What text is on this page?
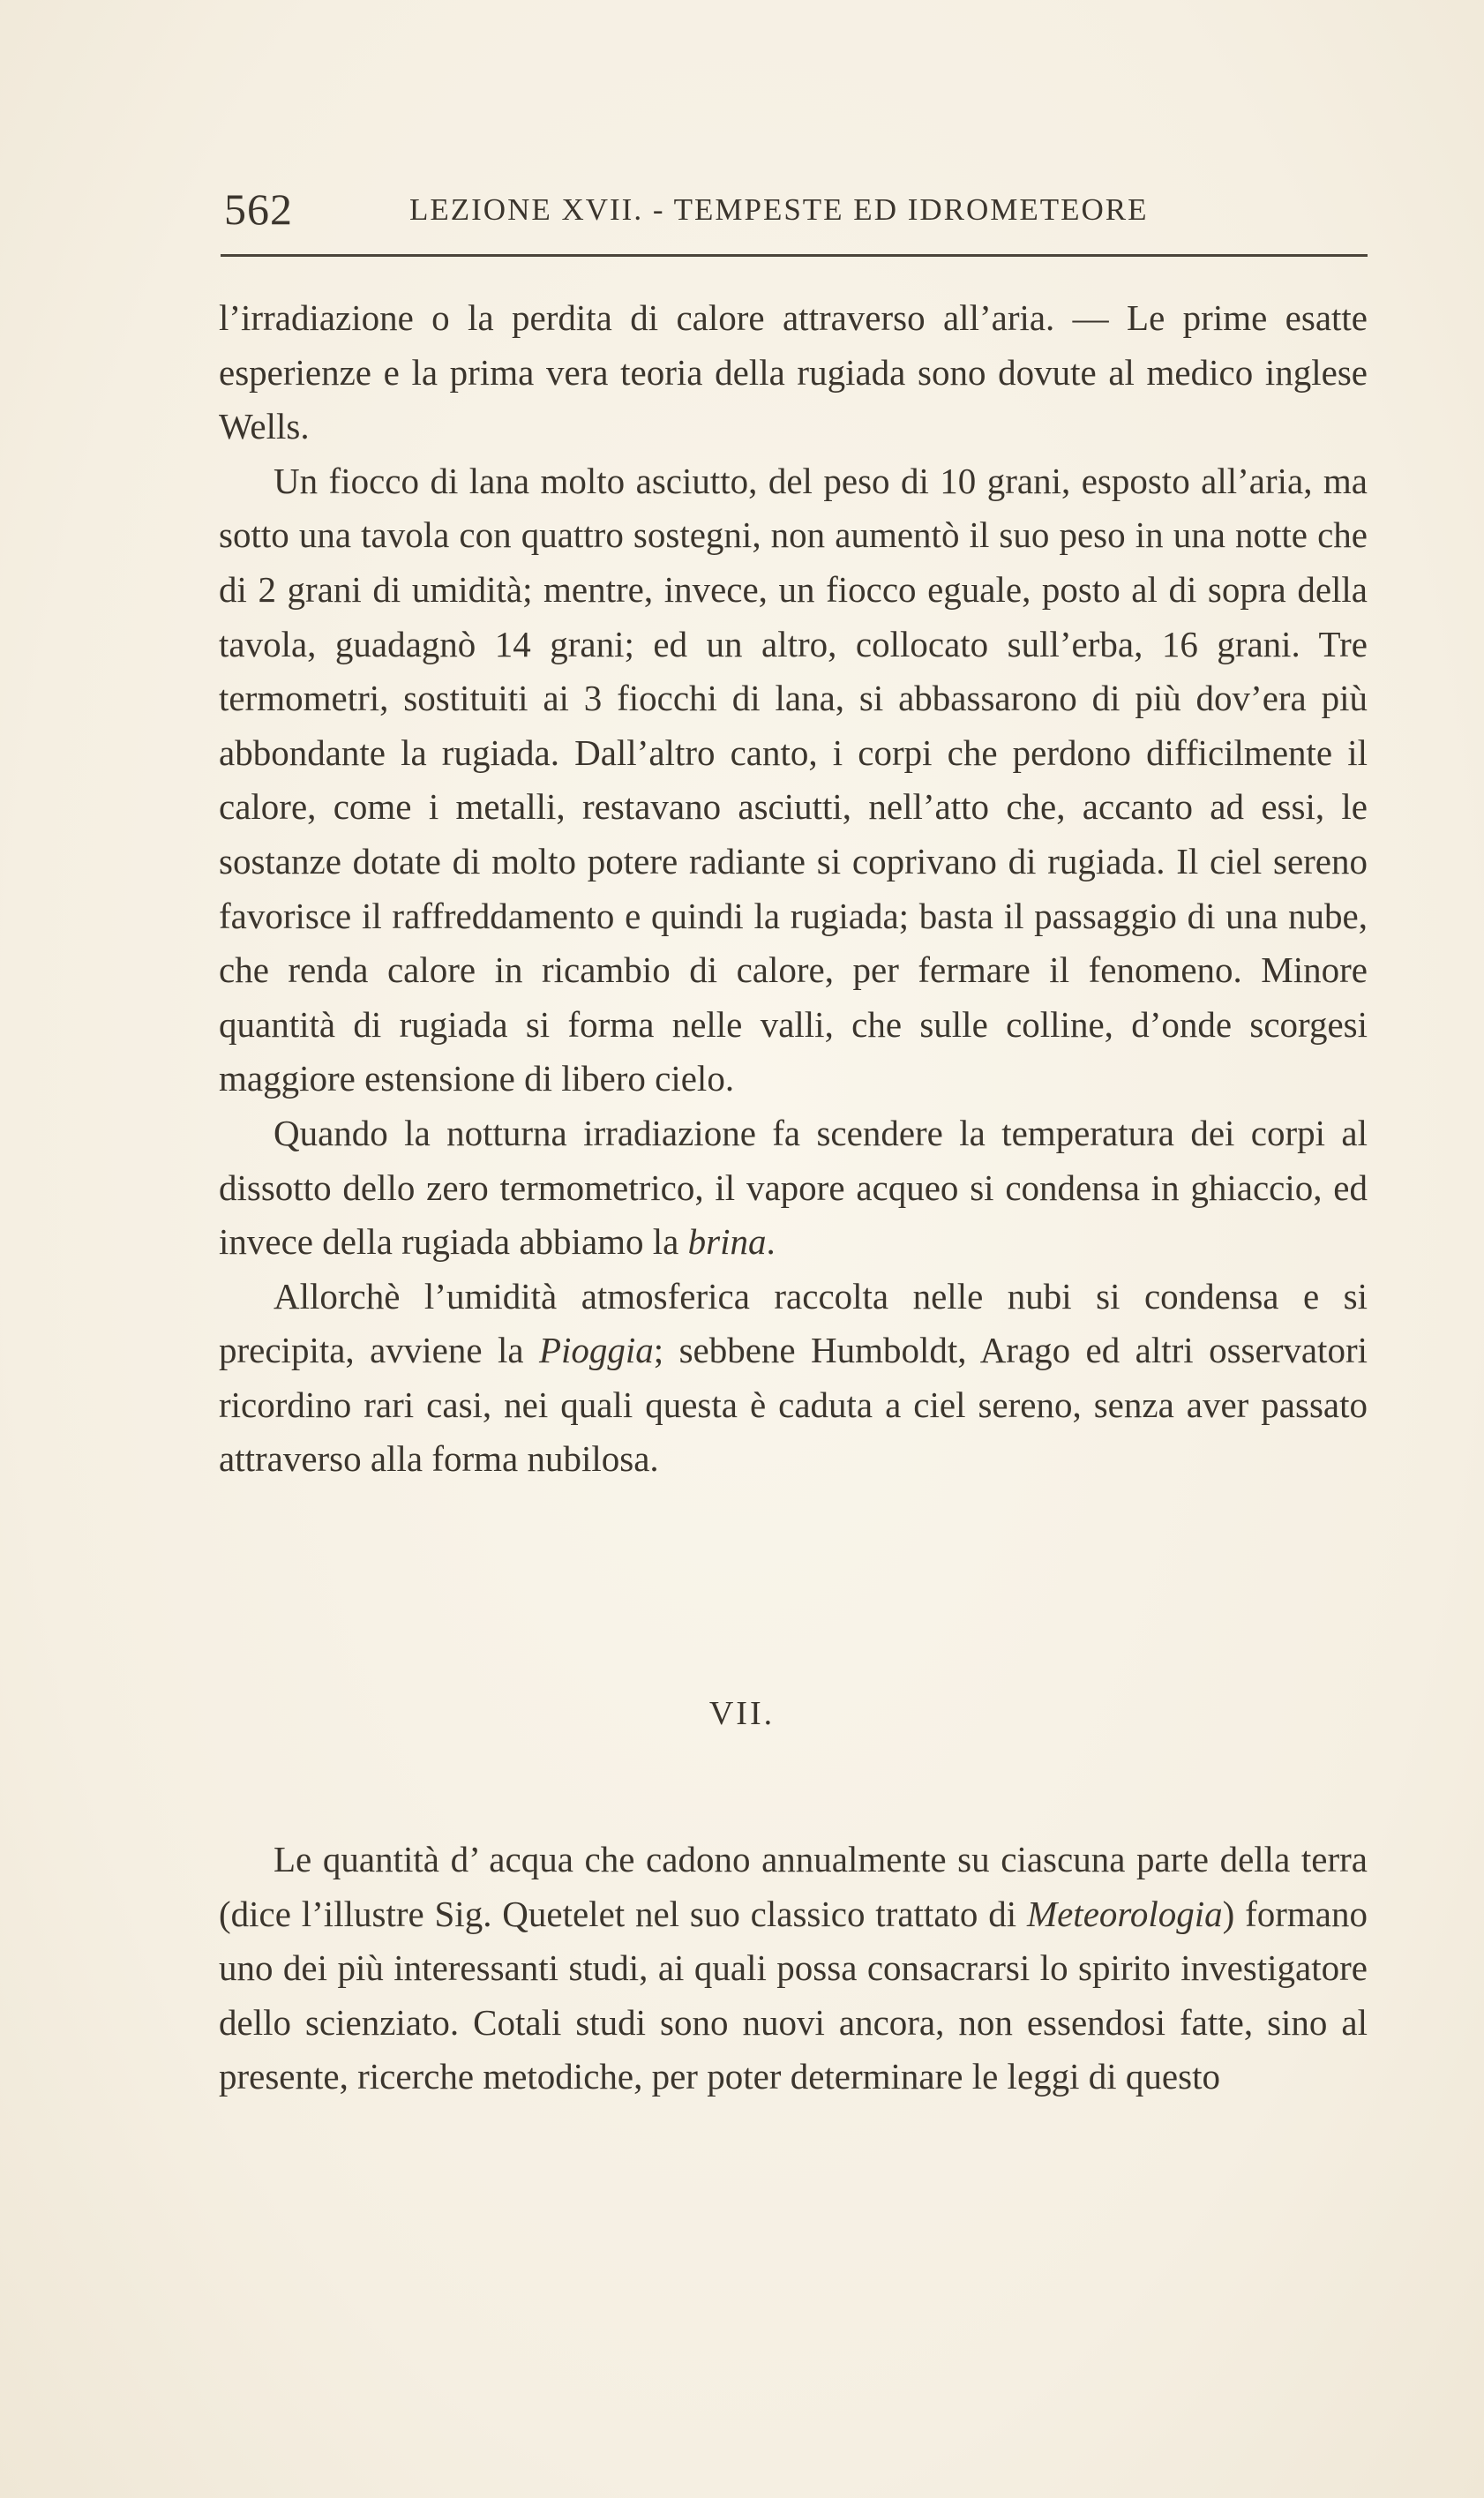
562	LEZIONE XVII. - TEMPESTE ED IDROMETEORE

l’irradiazione o la perdita di calore attraverso all’aria. — Le prime esatte esperienze e la prima vera teoria della rugiada sono dovute al medico inglese Wells.

Un fiocco di lana molto asciutto, del peso di 10 grani, esposto all’aria, ma sotto una tavola con quattro sostegni, non aumentò il suo peso in una notte che di 2 grani di umidità; mentre, invece, un fiocco eguale, posto al di sopra della tavola, guadagnò 14 grani; ed un altro, collocato sull’erba, 16 grani. Tre termometri, sostituiti ai 3 fiocchi di lana, si abbassarono di più dov’era più abbondante la rugiada. Dall’altro canto, i corpi che perdono difficilmente il calore, come i metalli, restavano asciutti, nell’atto che, accanto ad essi, le sostanze dotate di molto potere radiante si coprivano di rugiada. Il ciel sereno favorisce il raffreddamento e quindi la rugiada; basta il passaggio di una nube, che renda calore in ricambio di calore, per fermare il fenomeno. Minore quantità di rugiada si forma nelle valli, che sulle colline, d’onde scorgesi maggiore estensione di libero cielo.

Quando la notturna irradiazione fa scendere la temperatura dei corpi al dissotto dello zero termometrico, il vapore acqueo si condensa in ghiaccio, ed invece della rugiada abbiamo la brina.

Allorchè l’umidità atmosferica raccolta nelle nubi si condensa e si precipita, avviene la Pioggia; sebbene Humboldt, Arago ed altri osservatori ricordino rari casi, nei quali questa è caduta a ciel sereno, senza aver passato attraverso alla forma nubilosa.

VII.

Le quantità d’ acqua che cadono annualmente su ciascuna parte della terra (dice l’illustre Sig. Quetelet nel suo classico trattato di Meteorologia) formano uno dei più interessanti studi, ai quali possa consacrarsi lo spirito investigatore dello scienziato. Cotali studi sono nuovi ancora, non essendosi fatte, sino al presente, ricerche metodiche, per poter determinare le leggi di questo
